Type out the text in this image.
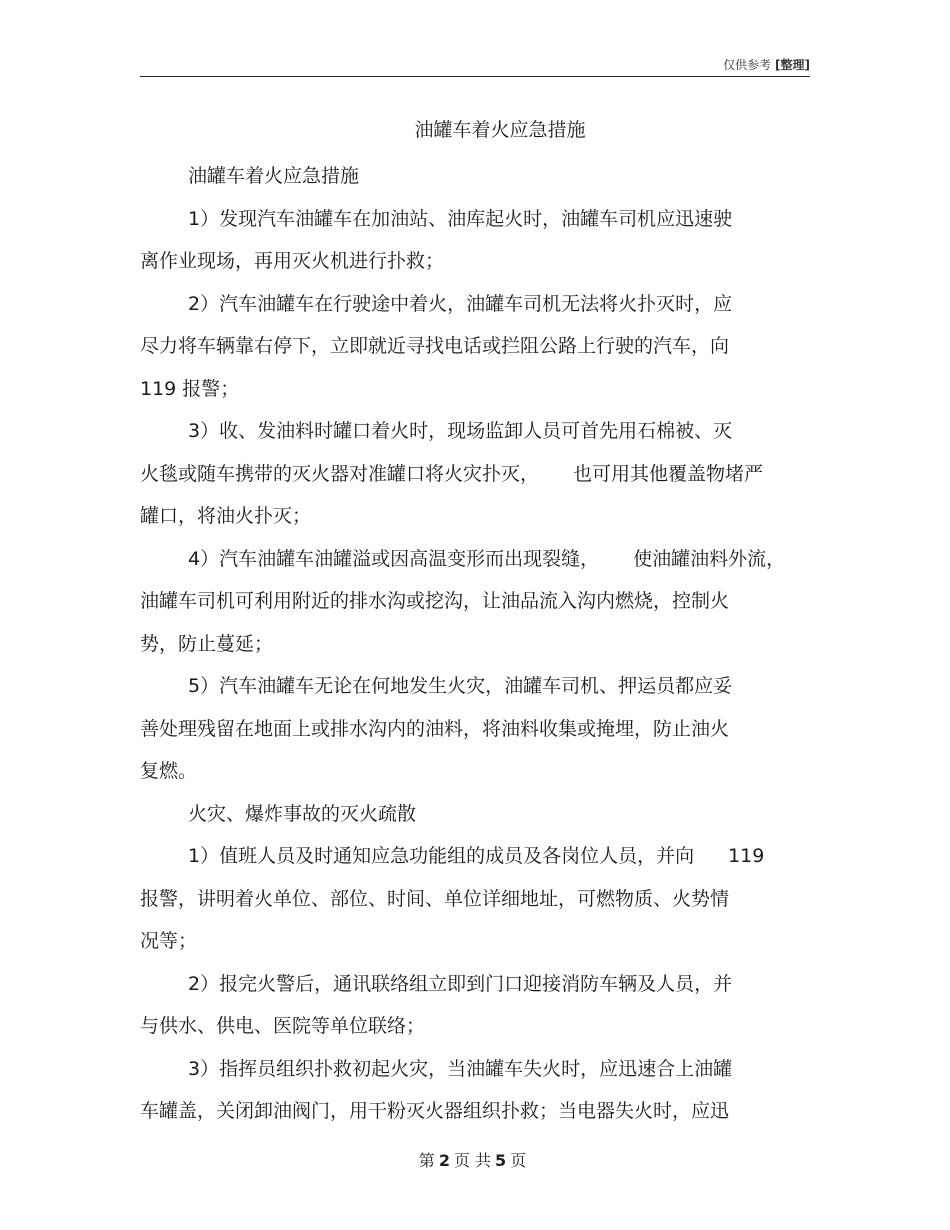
仅供参考 [整理]
油罐车着火应急措施

油罐车着火应急措施

1）发现汽车油罐车在加油站、油库起火时，油罐车司机应迅速驶
离作业现场，再用灭火机进行扑救；

2）汽车油罐车在行驶途中着火，油罐车司机无法将火扑灭时，应
尽力将车辆靠右停下，立即就近寻找电话或拦阻公路上行驶的汽车，向
119 报警；

3）收、发油料时罐口着火时，现场监卸人员可首先用石棉被、灭
火毯或随车携带的灭火器对准罐口将火灾扑灭， 也可用其他覆盖物堵严
罐口，将油火扑灭；

4）汽车油罐车油罐溢或因高温变形而出现裂缝， 使油罐油料外流，
油罐车司机可利用附近的排水沟或挖沟，让油品流入沟内燃烧，控制火
势，防止蔓延；

5）汽车油罐车无论在何地发生火灾，油罐车司机、押运员都应妥
善处理残留在地面上或排水沟内的油料，将油料收集或掩埋，防止油火
复燃。

火灾、爆炸事故的灭火疏散

1）值班人员及时通知应急功能组的成员及各岗位人员，并向 119
报警，讲明着火单位、部位、时间、单位详细地址，可燃物质、火势情
况等；

2）报完火警后，通讯联络组立即到门口迎接消防车辆及人员，并
与供水、供电、医院等单位联络；

3）指挥员组织扑救初起火灾，当油罐车失火时，应迅速合上油罐
车罐盖，关闭卸油阀门，用干粉灭火器组织扑救；当电器失火时，应迅

第 2 页 共 5 页
